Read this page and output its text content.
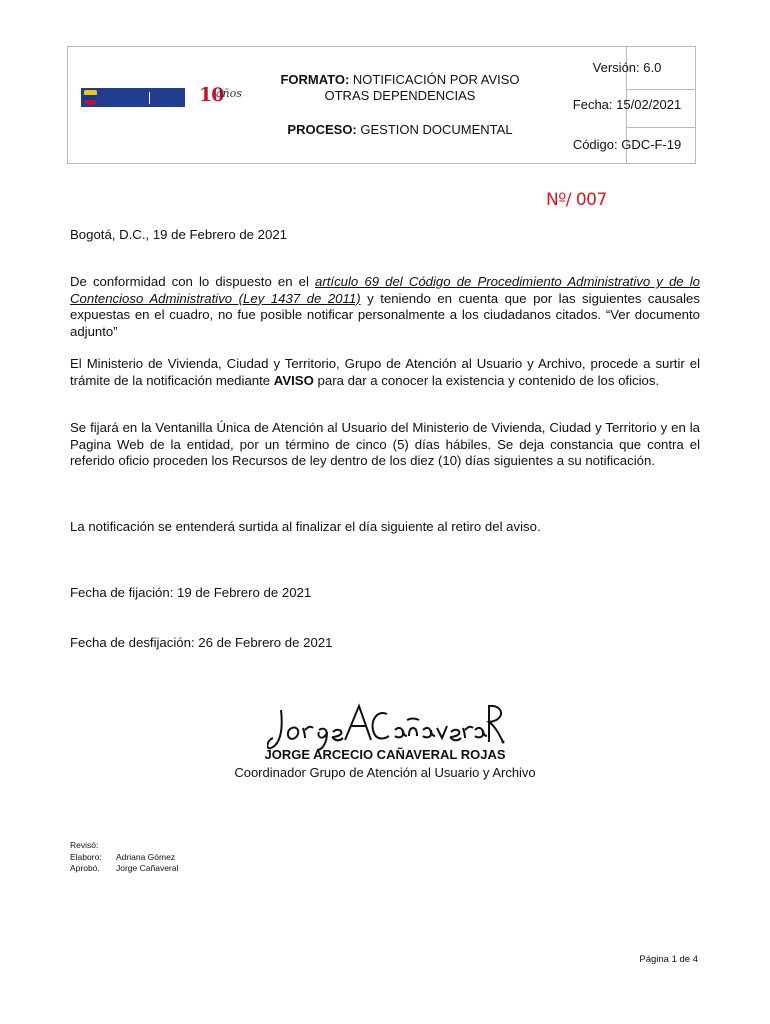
10
años
FORMATO: NOTIFICACIÓN POR AVISO
OTRAS DEPENDENCIAS
PROCESO: GESTION DOCUMENTAL
Versión: 6.0
Fecha: 15/02/2021
Código: GDC-F-19
Nº/ 007
Bogotá, D.C., 19 de Febrero de 2021
De conformidad con lo dispuesto en el artículo 69 del Código de Procedimiento Administrativo y de lo Contencioso Administrativo (Ley 1437 de 2011) y teniendo en cuenta que por las siguientes causales expuestas en el cuadro, no fue posible notificar personalmente a los ciudadanos citados. “Ver documento adjunto”
El Ministerio de Vivienda, Ciudad y Territorio, Grupo de Atención al Usuario y Archivo, procede a surtir el trámite de la notificación mediante AVISO para dar a conocer la existencia y contenido de los oficios.
Se fijará en la Ventanilla Única de Atención al Usuario del Ministerio de Vivienda, Ciudad y Territorio y en la Pagina Web de la entidad, por un término de cinco (5) días hábiles. Se deja constancia que contra el referido oficio proceden los Recursos de ley dentro de los diez (10) días siguientes a su notificación.
La notificación se entenderá surtida al finalizar el día siguiente al retiro del aviso.
Fecha de fijación: 19 de Febrero de 2021
Fecha de desfijación: 26 de Febrero de 2021
JORGE ARCECIO CAÑAVERAL ROJAS
Coordinador Grupo de Atención al Usuario y Archivo
Revisó:
Elaboro: Adriana Gómez
Aprobó. Jorge Cañaveral
Página 1 de 4
